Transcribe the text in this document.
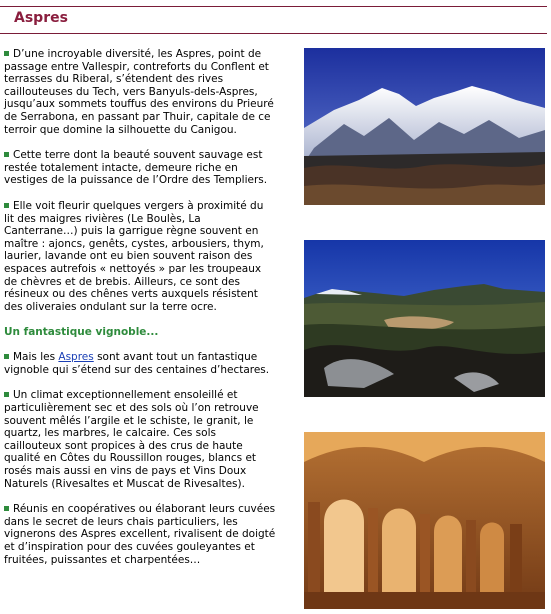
Aspres

D’une incroyable diversité, les Aspres, point de passage entre Vallespir, contreforts du Conflent et terrasses du Riberal, s’étendent des rives caillouteuses du Tech, vers Banyuls-dels-Aspres, jusqu’aux sommets touffus des environs du Prieuré de Serrabona, en passant par Thuir, capitale de ce terroir que domine la silhouette du Canigou.

Cette terre dont la beauté souvent sauvage est restée totalement intacte, demeure riche en vestiges de la puissance de l’Ordre des Templiers.

Elle voit fleurir quelques vergers à proximité du lit des maigres rivières (Le Boulès, La Canterrane…) puis la garrigue règne souvent en maître : ajoncs, genêts, cystes, arbousiers, thym, laurier, lavande ont eu bien souvent raison des espaces autrefois « nettoyés » par les troupeaux de chèvres et de brebis. Ailleurs, ce sont des résineux ou des chênes verts auxquels résistent des oliveraies ondulant sur la terre ocre.

Un fantastique vignoble...

Mais les Aspres sont avant tout un fantastique vignoble qui s’étend sur des centaines d’hectares.

Un climat exceptionnellement ensoleillé et particulièrement sec et des sols où l’on retrouve souvent mêlés l’argile et le schiste, le granit, le quartz, les marbres, le calcaire. Ces sols caillouteux sont propices à des crus de haute qualité en Côtes du Roussillon rouges, blancs et rosés mais aussi en vins de pays et Vins Doux Naturels (Rivesaltes et Muscat de Rivesaltes).

Réunis en coopératives ou élaborant leurs cuvées dans le secret de leurs chais particuliers, les vignerons des Aspres excellent, rivalisent de doigté et d’inspiration pour des cuvées gouleyantes et fruitées, puissantes et charpentées…
